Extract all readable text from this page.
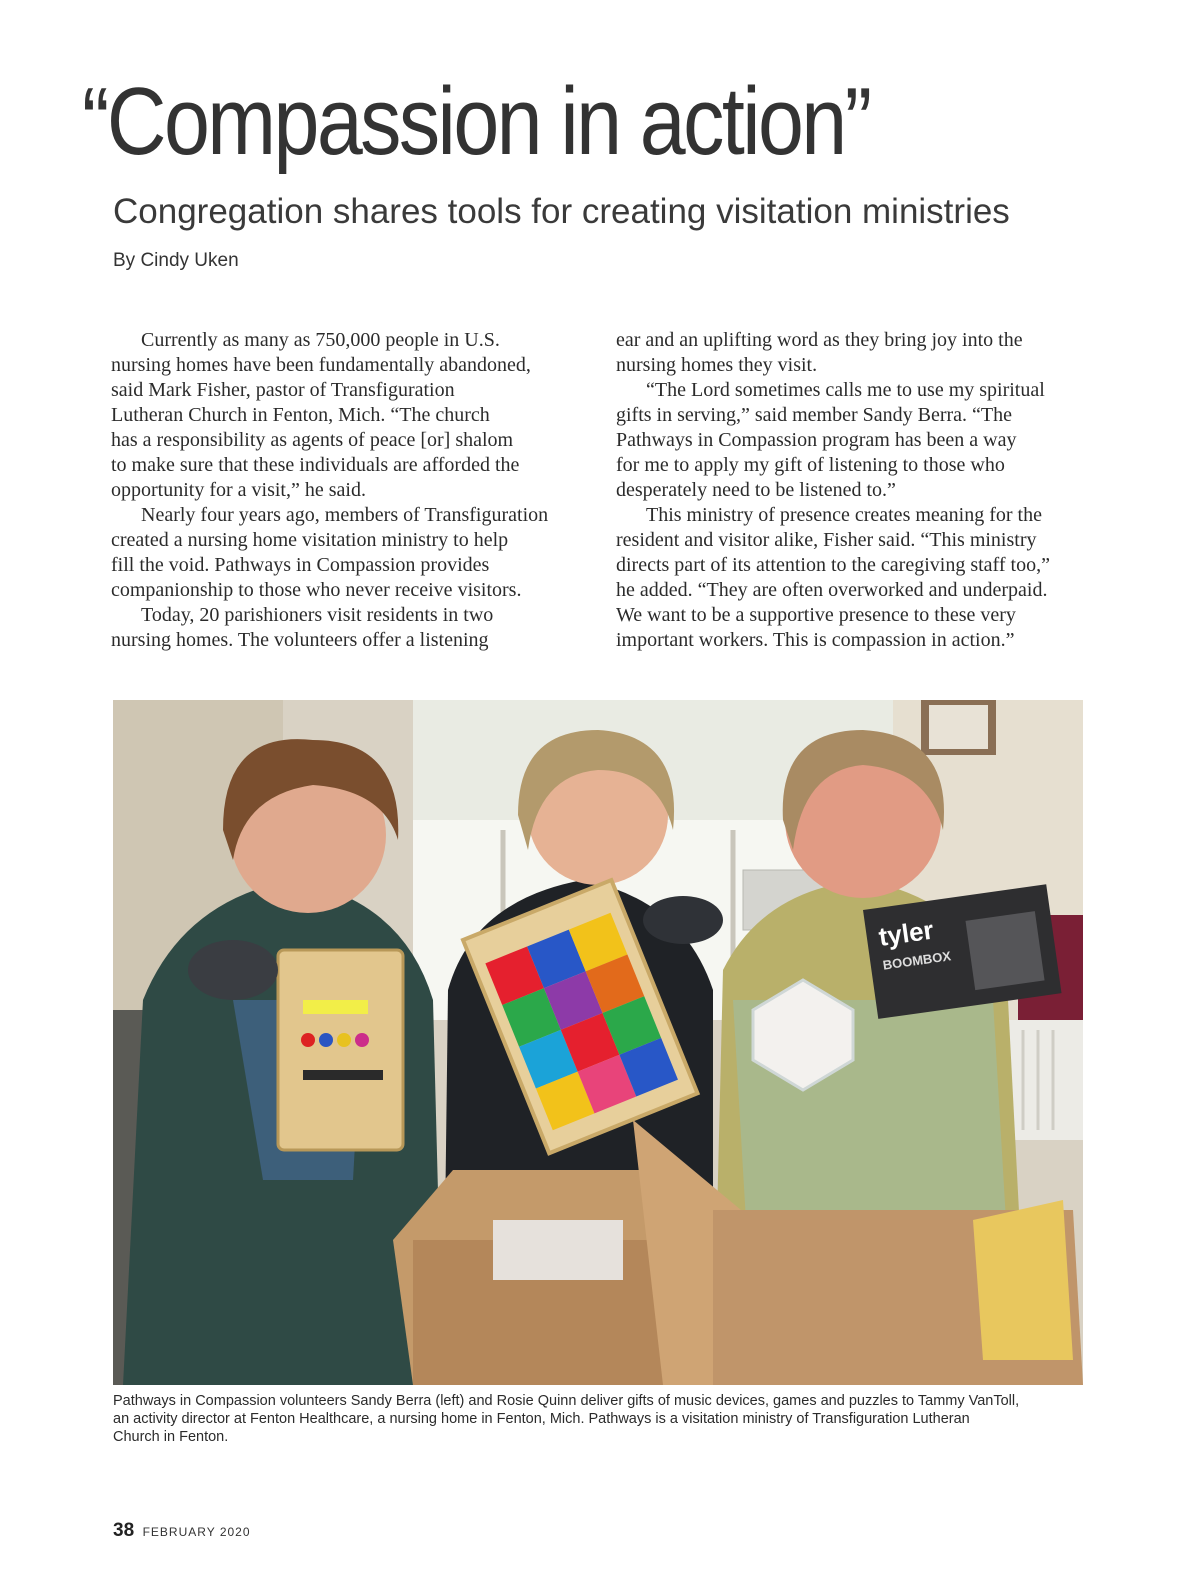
“Compassion in action”
Congregation shares tools for creating visitation ministries
By Cindy Uken
Currently as many as 750,000 people in U.S.
nursing homes have been fundamentally abandoned,
said Mark Fisher, pastor of Transfiguration
Lutheran Church in Fenton, Mich. “The church
has a responsibility as agents of peace [or] shalom
to make sure that these individuals are afforded the
opportunity for a visit,” he said.
Nearly four years ago, members of Transfiguration
created a nursing home visitation ministry to help
fill the void. Pathways in Compassion provides
companionship to those who never receive visitors.
Today, 20 parishioners visit residents in two
nursing homes. The volunteers offer a listening
ear and an uplifting word as they bring joy into the
nursing homes they visit.
“The Lord sometimes calls me to use my spiritual
gifts in serving,” said member Sandy Berra. “The
Pathways in Compassion program has been a way
for me to apply my gift of listening to those who
desperately need to be listened to.”
This ministry of presence creates meaning for the
resident and visitor alike, Fisher said. “This ministry
directs part of its attention to the caregiving staff too,”
he added. “They are often overworked and underpaid.
We want to be a supportive presence to these very
important workers. This is compassion in action.”
tyler
BOOMBOX
Pathways in Compassion volunteers Sandy Berra (left) and Rosie Quinn deliver gifts of music devices, games and puzzles to Tammy VanToll,
an activity director at Fenton Healthcare, a nursing home in Fenton, Mich. Pathways is a visitation ministry of Transfiguration Lutheran
Church in Fenton.
38 FEBRUARY 2020
